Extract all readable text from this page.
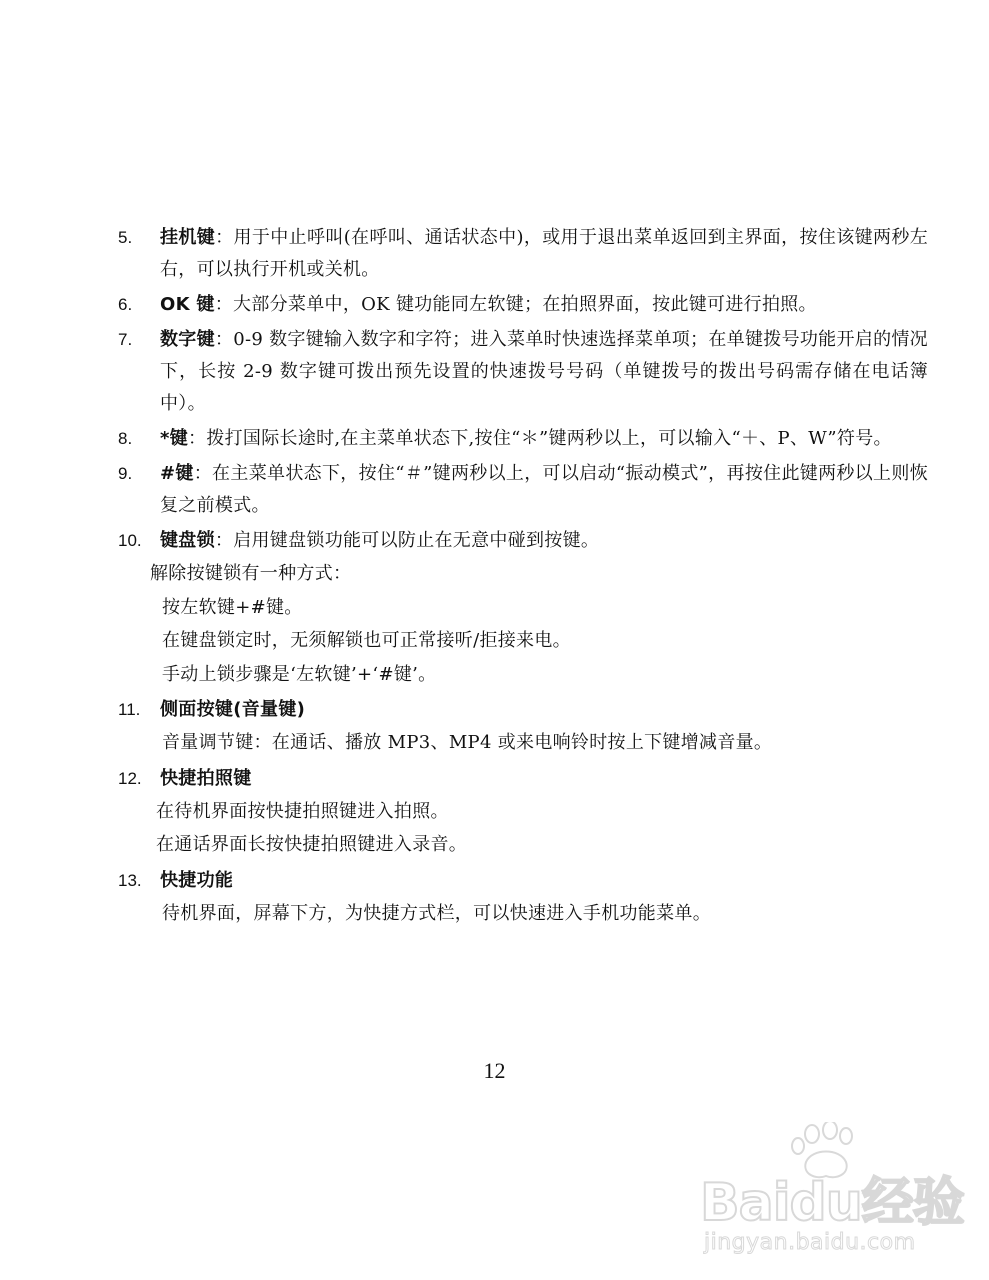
5. 挂机键：用于中止呼叫(在呼叫、通话状态中)，或用于退出菜单返回到主界面，按住该键两秒左右，可以执行开机或关机。
6. OK 键：大部分菜单中，OK 键功能同左软键；在拍照界面，按此键可进行拍照。
7. 数字键：0-9 数字键输入数字和字符；进入菜单时快速选择菜单项；在单键拨号功能开启的情况下，长按 2-9 数字键可拨出预先设置的快速拨号号码（单键拨号的拨出号码需存储在电话簿中）。
8. *键：拨打国际长途时,在主菜单状态下,按住“＊”键两秒以上，可以输入“＋、P、W”符号。
9. #键：在主菜单状态下，按住“＃”键两秒以上，可以启动“振动模式”，再按住此键两秒以上则恢复之前模式。
10. 键盘锁：启用键盘锁功能可以防止在无意中碰到按键。
解除按键锁有一种方式：
按左软键+#键。
在键盘锁定时，无须解锁也可正常接听/拒接来电。
手动上锁步骤是‘左软键’+‘#键’。
11. 侧面按键(音量键)
音量调节键：在通话、播放 MP3、MP4 或来电响铃时按上下键增减音量。
12. 快捷拍照键
在待机界面按快捷拍照键进入拍照。
在通话界面长按快捷拍照键进入录音。
13. 快捷功能
待机界面，屏幕下方，为快捷方式栏，可以快速进入手机功能菜单。
12
Baidu经验
jingyan.baidu.com
